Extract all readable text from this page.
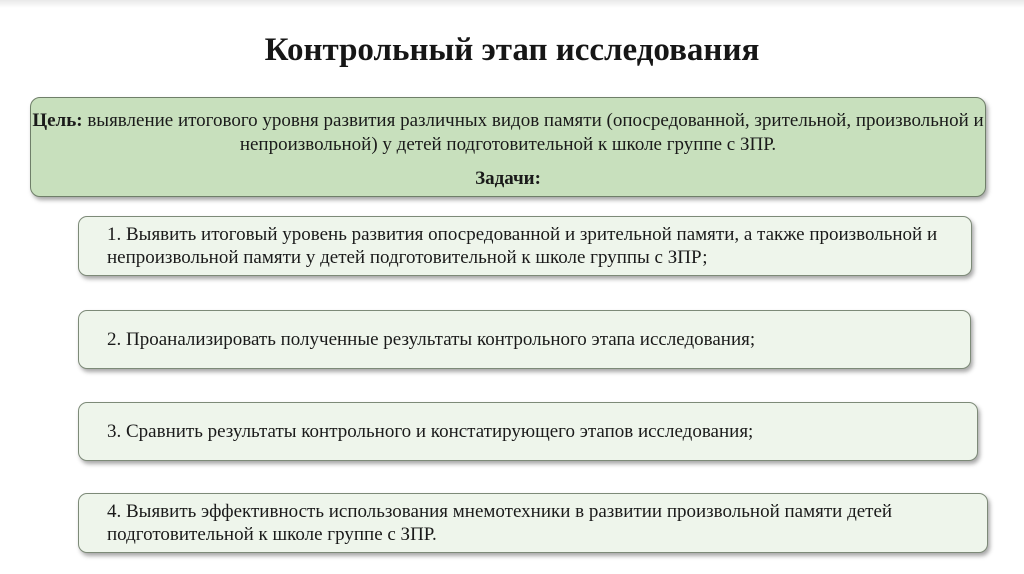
Контрольный этап исследования
Цель: выявление итогового уровня развития различных видов памяти (опосредованной, зрительной, произвольной и непроизвольной) у детей подготовительной к школе группе с ЗПР.
Задачи:
1. Выявить итоговый уровень развития опосредованной и зрительной памяти, а также произвольной и непроизвольной памяти у детей подготовительной к школе группы с ЗПР;
2. Проанализировать полученные результаты контрольного этапа исследования;
3. Сравнить результаты контрольного и констатирующего этапов исследования;
4. Выявить эффективность использования мнемотехники в развитии произвольной памяти детей подготовительной к школе группе с ЗПР.
